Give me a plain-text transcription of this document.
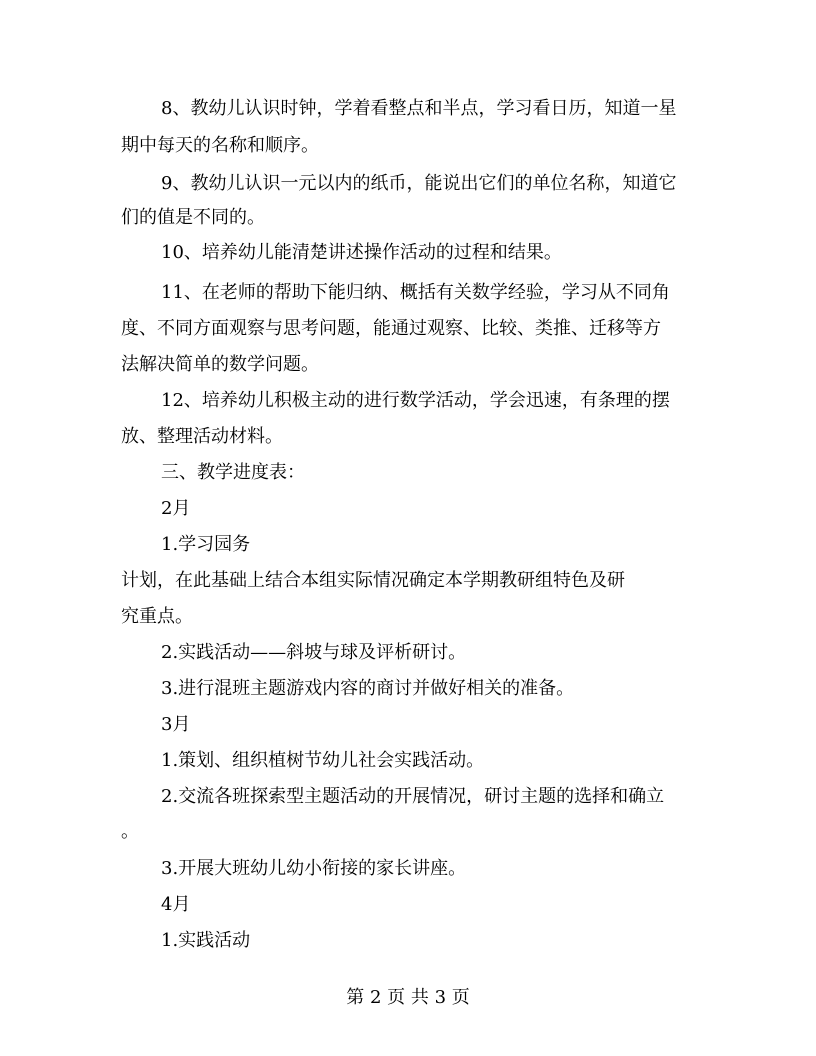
8、教幼儿认识时钟，学着看整点和半点，学习看日历，知道一星
期中每天的名称和顺序。
9、教幼儿认识一元以内的纸币，能说出它们的单位名称，知道它
们的值是不同的。
10、培养幼儿能清楚讲述操作活动的过程和结果。
11、在老师的帮助下能归纳、概括有关数学经验，学习从不同角
度、不同方面观察与思考问题，能通过观察、比较、类推、迁移等方
法解决简单的数学问题。
12、培养幼儿积极主动的进行数学活动，学会迅速，有条理的摆
放、整理活动材料。
三、教学进度表：
2月
1.学习园务
计划，在此基础上结合本组实际情况确定本学期教研组特色及研
究重点。
2.实践活动——斜坡与球及评析研讨。
3.进行混班主题游戏内容的商讨并做好相关的准备。
3月
1.策划、组织植树节幼儿社会实践活动。
2.交流各班探索型主题活动的开展情况，研讨主题的选择和确立
。
3.开展大班幼儿幼小衔接的家长讲座。
4月
1.实践活动
第 2 页 共 3 页
